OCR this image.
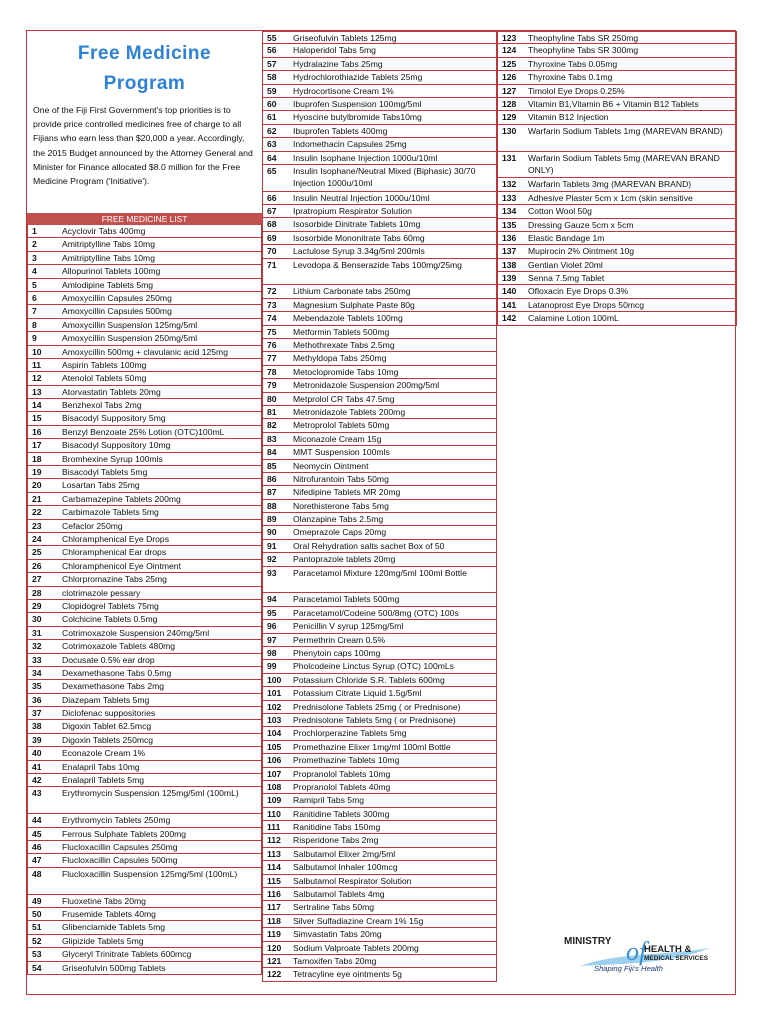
Free Medicine
Program
One of the Fiji First Government's top priorities is to provide price controlled medicines free of charge to all Fijians who earn less than $20,000 a year. Accordingly, the 2015 Budget announced by the Attorney General and Minister for Finance allocated $8.0 million for the Free Medicine Program ('Initiative').
FREE MEDICINE LIST
1	Acyclovir Tabs 400mg
2	Amitriptylline Tabs 10mg
3	Amitriptylline Tabs 10mg
4	Allopurinol Tablets 100mg
5	Amlodipine Tablets 5mg
6	Amoxycillin Capsules 250mg
7	Amoxycillin Capsules 500mg
8	Amoxycillin Suspension 125mg/5ml
9	Amoxycillin Suspension 250mg/5ml
10	Amoxycillin 500mg + clavulanic acid 125mg
11	Aspirin Tablets 100mg
12	Atenolol Tablets 50mg
13	Atorvastatin Tablets 20mg
14	Benzhexol Tabs 2mg
15	Bisacodyl Suppository 5mg
16	Benzyl Benzoate 25% Lotion (OTC)100mL
17	Bisacodyl Suppository 10mg
18	Bromhexine Syrup 100mls
19	Bisacodyl Tablets 5mg
20	Losartan Tabs 25mg
21	Carbamazepine Tablets 200mg
22	Carbimazole Tablets 5mg
23	Cefaclor 250mg
24	Chloramphenical Eye Drops
25	Chloramphenical Ear drops
26	Chloramphenicol Eye Ointment
27	Chlorpromazine Tabs 25mg
28	clotrimazole pessary
29	Clopidogrel Tablets 75mg
30	Colchicine Tablets 0.5mg
31	Cotrimoxazole Suspension 240mg/5ml
32	Cotrimoxazole Tablets 480mg
33	Docusate 0.5% ear drop
34	Dexamethasone Tabs 0.5mg
35	Dexamethasone Tabs 2mg
36	Diazepam Tablets 5mg
37	Diclofenac suppositories
38	Digoxin Tablet 62.5mcg
39	Digoxin Tablets 250mcg
40	Econazole Cream 1%
41	Enalapril Tabs 10mg
42	Enalapril Tablets 5mg
43	Erythromycin Suspension 125mg/5ml (100mL)
44	Erythromycin Tablets 250mg
45	Ferrous Sulphate Tablets 200mg
46	Flucloxacillin Capsules 250mg
47	Flucloxacillin Capsules 500mg
48	Flucloxacillin Suspension 125mg/5ml (100mL)
49	Fluoxetine Tabs 20mg
50	Frusemide Tablets 40mg
51	Glibenclamide Tablets 5mg
52	Glipizide Tablets 5mg
53	Glyceryl Trinitrate Tablets 600mcg
54	Griseofulvin 500mg Tablets
55	Griseofulvin Tablets 125mg
56	Haloperidol Tabs 5mg
57	Hydralazine Tabs 25mg
58	Hydrochlorothiazide Tablets 25mg
59	Hydrocortisone Cream 1%
60	Ibuprofen Suspension 100mg/5ml
61	Hyoscine butylbromide Tabs10mg
62	Ibuprofen Tablets 400mg
63	Indomethacin Capsules 25mg
64	Insulin Isophane Injection 1000u/10ml
65	Insulin Isophane/Neutral Mixed (Biphasic) 30/70 Injection 1000u/10ml
66	Insulin Neutral Injection 1000u/10ml
67	Ipratropium Respirator Solution
68	Isosorbide Dinitrate Tablets 10mg
69	Isosorbide Mononitrate Tabs 60mg
70	Lactulose Syrup 3.34g/5ml 200mls
71	Levodopa & Benserazide Tabs 100mg/25mg
72	Lithium Carbonate tabs 250mg
73	Magnesium Sulphate Paste 80g
74	Mebendazole Tablets 100mg
75	Metformin Tablets 500mg
76	Methothrexate Tabs 2.5mg
77	Methyldopa Tabs 250mg
78	Metoclopromide Tabs 10mg
79	Metronidazole Suspension 200mg/5ml
80	Metprolol CR Tabs 47.5mg
81	Metronidazole Tablets 200mg
82	Metroprolol Tablets 50mg
83	Miconazole Cream 15g
84	MMT Suspension 100mls
85	Neomycin Ointment
86	Nitrofurantoin Tabs 50mg
87	Nifedipine Tablets MR 20mg
88	Norethisterone Tabs 5mg
89	Olanzapine Tabs 2.5mg
90	Omeprazole Caps 20mg
91	Oral Rehydration salts sachet Box of 50
92	Pantoprazole tablets 20mg
93	Paracetamol Mixture 120mg/5ml 100ml Bottle
94	Paracetamol Tablets 500mg
95	Paracetamol/Codeine 500/8mg (OTC) 100s
96	Penicillin V syrup 125mg/5ml
97	Permethrin Cream 0.5%
98	Phenytoin caps 100mg
99	Pholcodeine Linctus Syrup (OTC) 100mLs
100	Potassium Chloride S.R. Tablets 600mg
101	Potassium Citrate Liquid 1.5g/5ml
102	Prednisolone Tablets 25mg ( or Prednisone)
103	Prednisolone Tablets 5mg ( or Prednisone)
104	Prochlorperazine Tablets 5mg
105	Promethazine Elixer 1mg/ml 100ml Bottle
106	Promethazine Tablets 10mg
107	Propranolol Tablets 10mg
108	Propranolol Tablets 40mg
109	Ramipril Tabs 5mg
110	Ranitidine Tablets 300mg
111	Ranitidine Tabs 150mg
112	Risperidone Tabs 2mg
113	Salbutamol Elixer 2mg/5ml
114	Salbutamol Inhaler 100mcg
115	Salbutamol Respirator Solution
116	Salbutamol Tablets 4mg
117	Sertraline Tabs 50mg
118	Silver Sulfadiazine Cream 1% 15g
119	Simvastatin Tabs 20mg
120	Sodium Valproate Tablets 200mg
121	Tamoxifen Tabs 20mg
122	Tetracyline eye ointments 5g
123	Theophyline Tabs SR 250mg
124	Theophyline Tabs SR 300mg
125	Thyroxine Tabs 0.05mg
126	Thyroxine Tabs 0.1mg
127	Timolol Eye Drops 0.25%
128	Vitamin B1,Vitamin B6 + Vitamin B12 Tablets
129	Vitamin B12 Injection
130	Warfarin Sodium Tablets 1mg (MAREVAN BRAND)
131	Warfarin Sodium Tablets 5mg (MAREVAN BRAND ONLY)
132	Warfarin Tablets 3mg (MAREVAN BRAND)
133	Adhesive Plaster 5cm x 1cm (skin sensitive
134	Cotton Wool 50g
135	Dressing Gauze 5cm x 5cm
136	Elastic Bandage 1m
137	Mupirocin 2% Ointment 10g
138	Gentian Violet 20ml
139	Senna 7.5mg Tablet
140	Ofloxacin Eye Drops 0.3%
141	Latanoprost Eye Drops 50mcg
142	Calamine Lotion 100mL
of
MINISTRY
HEALTH &
MEDICAL SERVICES
Shaping Fiji's Health
